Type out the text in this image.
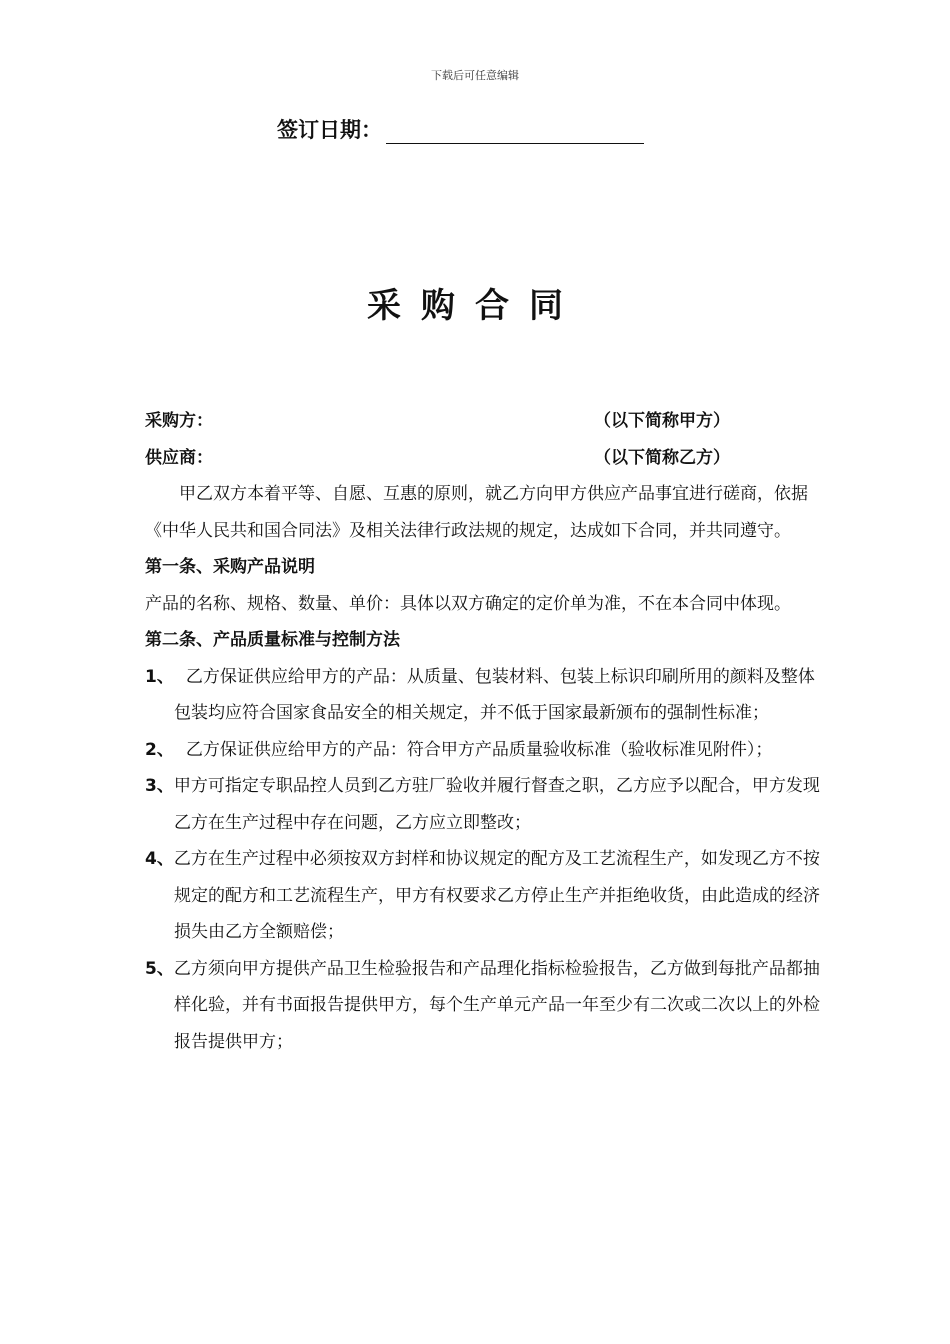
下载后可任意编辑
签订日期：
采购合同
采购方：	（以下简称甲方）
供应商：	（以下简称乙方）

甲乙双方本着平等、自愿、互惠的原则，就乙方向甲方供应产品事宜进行磋商，依据《中华人民共和国合同法》及相关法律行政法规的规定，达成如下合同，并共同遵守。

第一条、采购产品说明

产品的名称、规格、数量、单价：具体以双方确定的定价单为准，不在本合同中体现。

第二条、产品质量标准与控制方法

1、 乙方保证供应给甲方的产品：从质量、包装材料、包装上标识印刷所用的颜料及整体包装均应符合国家食品安全的相关规定，并不低于国家最新颁布的强制性标准；

2、 乙方保证供应给甲方的产品：符合甲方产品质量验收标准（验收标准见附件）；

3、甲方可指定专职品控人员到乙方驻厂验收并履行督查之职，乙方应予以配合，甲方发现乙方在生产过程中存在问题，乙方应立即整改；

4、乙方在生产过程中必须按双方封样和协议规定的配方及工艺流程生产，如发现乙方不按规定的配方和工艺流程生产，甲方有权要求乙方停止生产并拒绝收货，由此造成的经济损失由乙方全额赔偿；

5、乙方须向甲方提供产品卫生检验报告和产品理化指标检验报告，乙方做到每批产品都抽样化验，并有书面报告提供甲方，每个生产单元产品一年至少有二次或二次以上的外检报告提供甲方；
